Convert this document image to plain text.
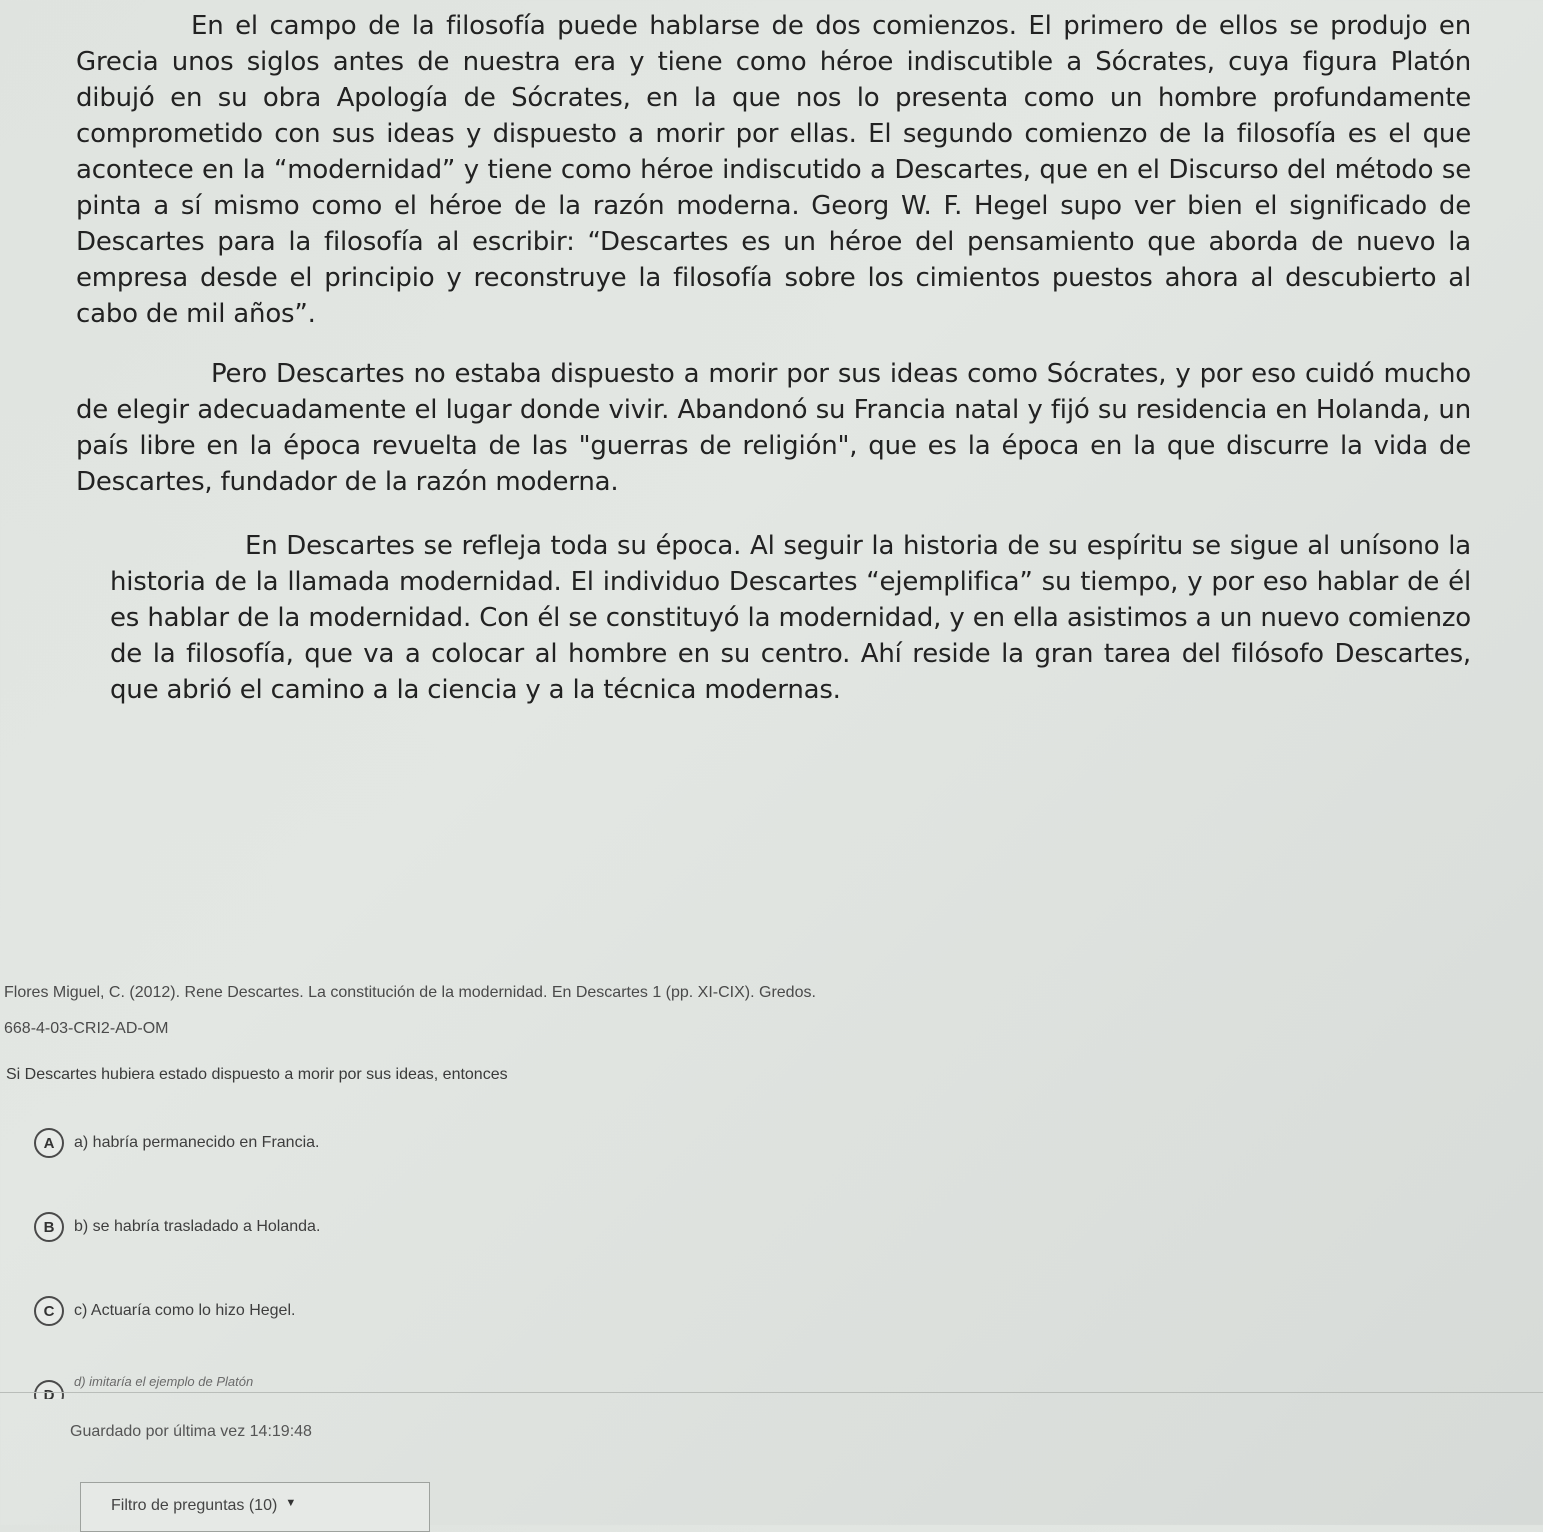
En el campo de la filosofía puede hablarse de dos comienzos. El primero de ellos se produjo en Grecia unos siglos antes de nuestra era y tiene como héroe indiscutible a Sócrates, cuya figura Platón dibujó en su obra Apología de Sócrates, en la que nos lo presenta como un hombre profundamente comprometido con sus ideas y dispuesto a morir por ellas. El segundo comienzo de la filosofía es el que acontece en la “modernidad” y tiene como héroe indiscutido a Descartes, que en el Discurso del método se pinta a sí mismo como el héroe de la razón moderna. Georg W. F. Hegel supo ver bien el significado de Descartes para la filosofía al escribir: “Descartes es un héroe del pensamiento que aborda de nuevo la empresa desde el principio y reconstruye la filosofía sobre los cimientos puestos ahora al descubierto al cabo de mil años”.

Pero Descartes no estaba dispuesto a morir por sus ideas como Sócrates, y por eso cuidó mucho de elegir adecuadamente el lugar donde vivir. Abandonó su Francia natal y fijó su residencia en Holanda, un país libre en la época revuelta de las "guerras de religión", que es la época en la que discurre la vida de Descartes, fundador de la razón moderna.

En Descartes se refleja toda su época. Al seguir la historia de su espíritu se sigue al unísono la historia de la llamada modernidad. El individuo Descartes “ejemplifica” su tiempo, y por eso hablar de él es hablar de la modernidad. Con él se constituyó la modernidad, y en ella asistimos a un nuevo comienzo de la filosofía, que va a colocar al hombre en su centro. Ahí reside la gran tarea del filósofo Descartes, que abrió el camino a la ciencia y a la técnica modernas.

Flores Miguel, C. (2012). Rene Descartes. La constitución de la modernidad. En Descartes 1 (pp. XI-CIX). Gredos.
668-4-03-CRI2-AD-OM
Si Descartes hubiera estado dispuesto a morir por sus ideas, entonces
A	a) habría permanecido en Francia.
B	b) se habría trasladado a Holanda.
C	c) Actuaría como lo hizo Hegel.
d) imitaría el ejemplo de Platón
Guardado por última vez 14:19:48
Filtro de preguntas (10) ▼
